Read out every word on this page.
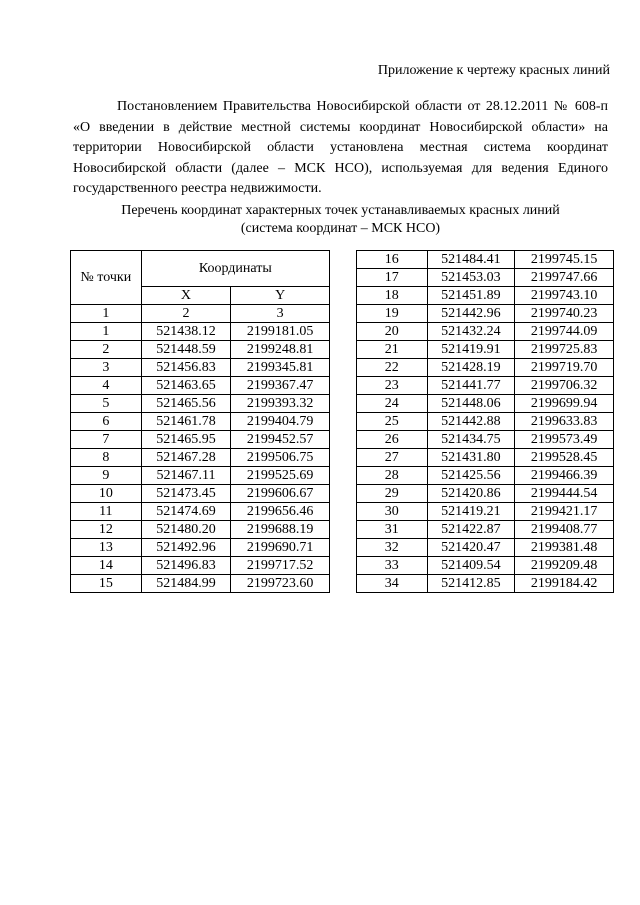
Приложение к чертежу красных линий

Постановлением Правительства Новосибирской области от 28.12.2011 № 608-п «О введении в действие местной системы координат Новосибирской области» на территории Новосибирской области установлена местная система координат Новосибирской области (далее – МСК НСО), используемая для ведения Единого государственного реестра недвижимости.

Перечень координат характерных точек устанавливаемых красных линий
(система координат – МСК НСО)
№ точки	Координаты	
	X	Y
1	2	3
1	521438.12	2199181.05
2	521448.59	2199248.81
3	521456.83	2199345.81
4	521463.65	2199367.47
5	521465.56	2199393.32
6	521461.78	2199404.79
7	521465.95	2199452.57
8	521467.28	2199506.75
9	521467.11	2199525.69
10	521473.45	2199606.67
11	521474.69	2199656.46
12	521480.20	2199688.19
13	521492.96	2199690.71
14	521496.83	2199717.52
15	521484.99	2199723.60
16	521484.41	2199745.15
17	521453.03	2199747.66
18	521451.89	2199743.10
19	521442.96	2199740.23
20	521432.24	2199744.09
21	521419.91	2199725.83
22	521428.19	2199719.70
23	521441.77	2199706.32
24	521448.06	2199699.94
25	521442.88	2199633.83
26	521434.75	2199573.49
27	521431.80	2199528.45
28	521425.56	2199466.39
29	521420.86	2199444.54
30	521419.21	2199421.17
31	521422.87	2199408.77
32	521420.47	2199381.48
33	521409.54	2199209.48
34	521412.85	2199184.42
